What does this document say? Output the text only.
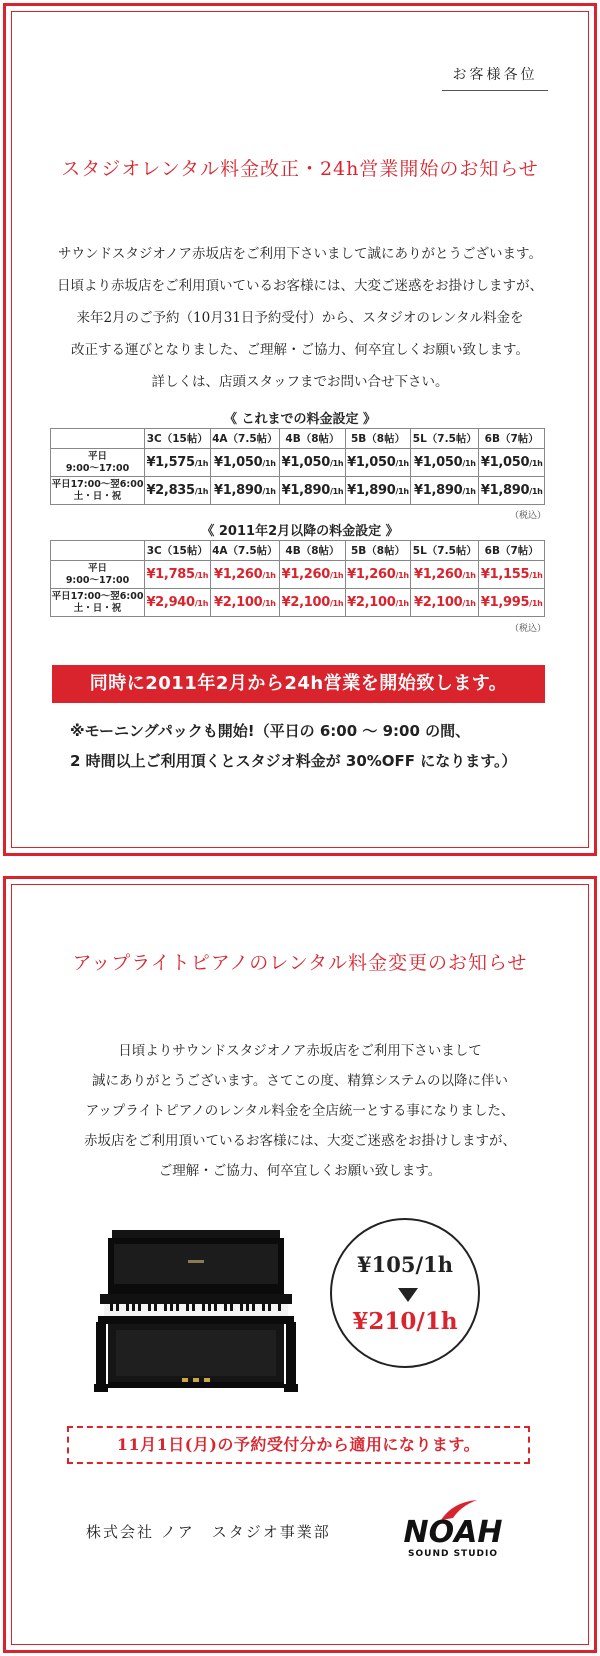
お客様各位
スタジオレンタル料金改正・24h営業開始のお知らせ
サウンドスタジオノア赤坂店をご利用下さいまして誠にありがとうございます。
日頃より赤坂店をご利用頂いているお客様には、大変ご迷惑をお掛けしますが、
来年2月のご予約（10月31日予約受付）から、スタジオのレンタル料金を
改正する運びとなりました、ご理解・ご協力、何卒宜しくお願い致します。
詳しくは、店頭スタッフまでお問い合せ下さい。
《 これまでの料金設定 》
	3C（15帖）	4A（7.5帖）	4B（8帖）	5B（8帖）	5L（7.5帖）	6B（7帖）

平日
9:00〜17:00	¥1,575/1h	¥1,050/1h	¥1,050/1h	¥1,050/1h	¥1,050/1h	¥1,050/1h

平日17:00〜翌6:00
土・日・祝	¥2,835/1h	¥1,890/1h	¥1,890/1h	¥1,890/1h	¥1,890/1h	¥1,890/1h
（税込）
《 2011年2月以降の料金設定 》
	3C（15帖）	4A（7.5帖）	4B（8帖）	5B（8帖）	5L（7.5帖）	6B（7帖）

平日
9:00〜17:00	¥1,785/1h	¥1,260/1h	¥1,260/1h	¥1,260/1h	¥1,260/1h	¥1,155/1h

平日17:00〜翌6:00
土・日・祝	¥2,940/1h	¥2,100/1h	¥2,100/1h	¥2,100/1h	¥2,100/1h	¥1,995/1h
（税込）
同時に2011年2月から24h営業を開始致します。
※モーニングパックも開始!（平日の 6:00 〜 9:00 の間、
2 時間以上ご利用頂くとスタジオ料金が 30%OFF になります。）
アップライトピアノのレンタル料金変更のお知らせ
日頃よりサウンドスタジオノア赤坂店をご利用下さいまして
誠にありがとうございます。さてこの度、精算システムの以降に伴い
アップライトピアノのレンタル料金を全店統一とする事になりました、
赤坂店をご利用頂いているお客様には、大変ご迷惑をお掛けしますが、
ご理解・ご協力、何卒宜しくお願い致します。
¥105/1h
¥210/1h
11月1日(月)の予約受付分から適用になります。
株式会社 ノア　スタジオ事業部 NOAH
SOUND STUDIO
